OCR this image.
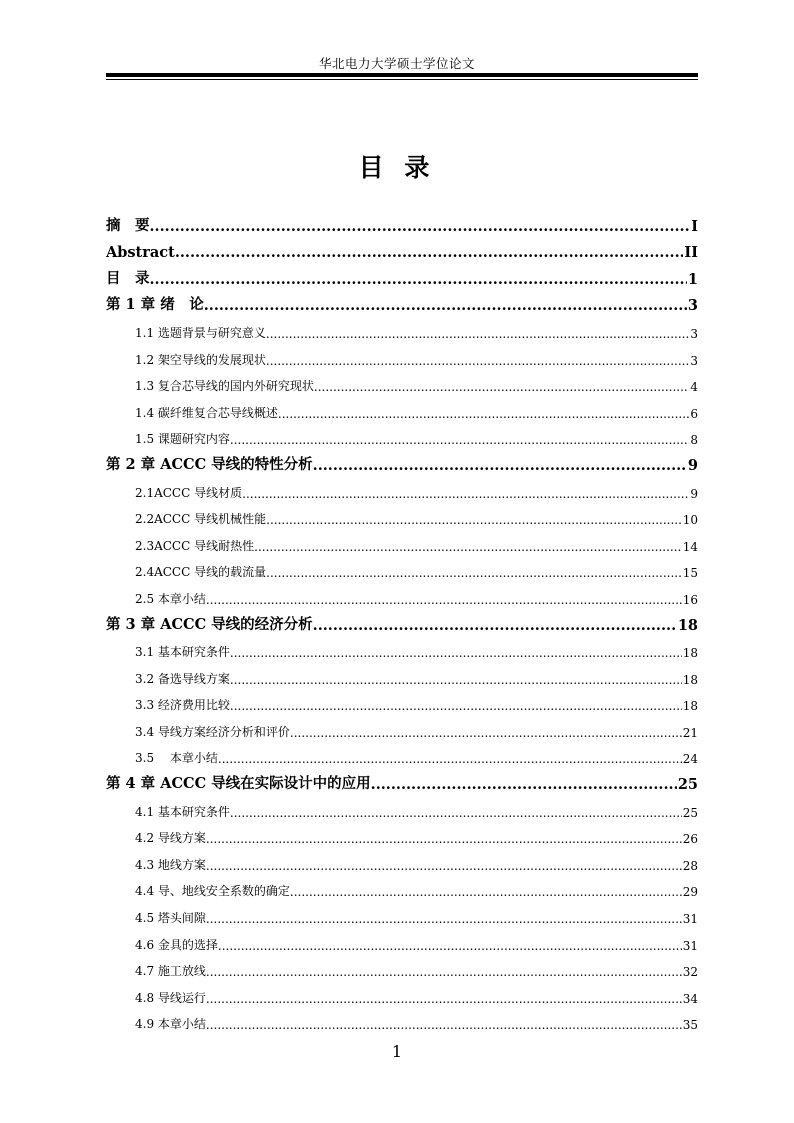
华北电力大学硕士学位论文
目 录
摘　要 .....	I
Abstract .....	II
目　录 .....	1
第 1 章 绪　论 .....	3
1.1 选题背景与研究意义 .....	3
1.2 架空导线的发展现状 .....	3
1.3 复合芯导线的国内外研究现状 .....	4
1.4 碳纤维复合芯导线概述 .....	6
1.5 课题研究内容 .....	8
第 2 章 ACCC 导线的特性分析 .....	9
2.1ACCC 导线材质 .....	9
2.2ACCC 导线机械性能 .....	10
2.3ACCC 导线耐热性 .....	14
2.4ACCC 导线的载流量 .....	15
2.5 本章小结 .....	16
第 3 章 ACCC 导线的经济分析 .....	18
3.1 基本研究条件 .....	18
3.2 备选导线方案 .....	18
3.3 经济费用比较 .....	18
3.4 导线方案经济分析和评价 .....	21
3.5　 本章小结 .....	24
第 4 章 ACCC 导线在实际设计中的应用 .....	25
4.1 基本研究条件 .....	25
4.2 导线方案 .....	26
4.3 地线方案 .....	28
4.4 导、地线安全系数的确定 .....	29
4.5 塔头间隙 .....	31
4.6 金具的选择 .....	31
4.7 施工放线 .....	32
4.8 导线运行 .....	34
4.9 本章小结 .....	35
1
